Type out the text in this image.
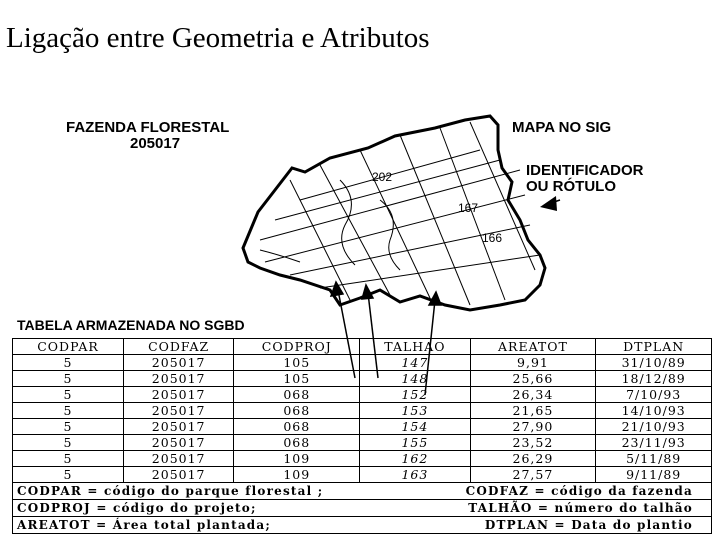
Ligação entre Geometria e Atributos
FAZENDA FLORESTAL
205017
MAPA NO SIG
IDENTIFICADOR
OU RÓTULO
202
167
166
TABELA ARMAZENADA NO SGBD
CODPAR	CODFAZ	CODPROJ	TALHAO	AREATOT	DTPLAN
5	205017	105	147	9,91	31/10/89
5	205017	105	148	25,66	18/12/89
5	205017	068	152	26,34	7/10/93
5	205017	068	153	21,65	14/10/93
5	205017	068	154	27,90	21/10/93
5	205017	068	155	23,52	23/11/93
5	205017	109	162	26,29	5/11/89
5	205017	109	163	27,57	9/11/89

CODPAR = código do parque florestal ; CODFAZ = código da fazenda					

CODPROJ = código do projeto; TALHÃO = número do talhão					

AREATOT = Área total plantada; DTPLAN = Data do plantio					
